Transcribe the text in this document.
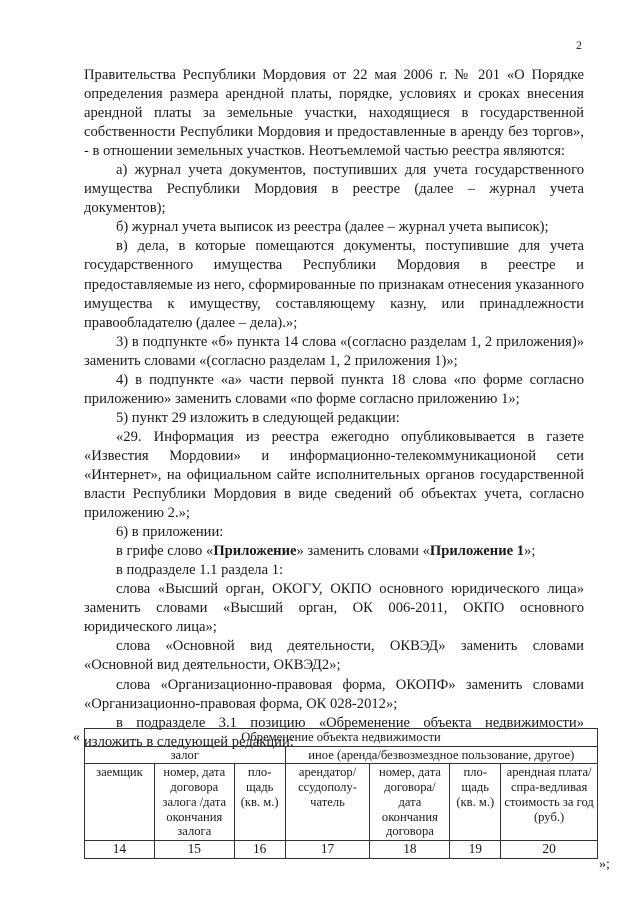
2

Правительства Республики Мордовия от 22 мая 2006 г. № 201 «О Порядке определения размера арендной платы, порядке, условиях и сроках внесения арендной платы за земельные участки, находящиеся в государственной собственности Республики Мордовия и предоставленные в аренду без торгов», - в отношении земельных участков. Неотъемлемой частью реестра являются:

а) журнал учета документов, поступивших для учета государственного имущества Республики Мордовия в реестре (далее – журнал учета документов);

б) журнал учета выписок из реестра (далее – журнал учета выписок);

в) дела, в которые помещаются документы, поступившие для учета государственного имущества Республики Мордовия в реестре и предоставляемые из него, сформированные по признакам отнесения указанного имущества к имуществу, составляющему казну, или принадлежности правообладателю (далее – дела).»;

3) в подпункте «б» пункта 14 слова «(согласно разделам 1, 2 приложения)» заменить словами «(согласно разделам 1, 2 приложения 1)»;

4) в подпункте «а» части первой пункта 18 слова «по форме согласно приложению» заменить словами «по форме согласно приложению 1»;

5) пункт 29 изложить в следующей редакции:

«29. Информация из реестра ежегодно опубликовывается в газете «Известия Мордовии» и информационно-телекоммуникационой сети «Интернет», на официальном сайте исполнительных органов государственной власти Республики Мордовия в виде сведений об объектах учета, согласно приложению 2.»;

6) в приложении:

в грифе слово «Приложение» заменить словами «Приложение 1»;

в подразделе 1.1 раздела 1:

слова «Высший орган, ОКОГУ, ОКПО основного юридического лица» заменить словами «Высший орган, ОК 006-2011, ОКПО основного юридического лица»;

слова «Основной вид деятельности, ОКВЭД» заменить словами «Основной вид деятельности, ОКВЭД2»;

слова «Организационно-правовая форма, ОКОПФ» заменить словами «Организационно-правовая форма, ОК 028-2012»;

в подразделе 3.1 позицию «Обременение объекта недвижимости» изложить в следующей редакции:

«	Обременение объекта недвижимости						
залог			иное (аренда/безвозмездное пользование, другое)			
заемщик	номер, дата договора залога /дата окончания залога	пло-щадь (кв. м.)	арендатор/ ссудополу-чатель	номер, дата договора/ дата окончания договора	пло-щадь (кв. м.)	арендная плата/спра-ведливая стоимость за год (руб.)
14	15	16	17	18	19	20
»;
